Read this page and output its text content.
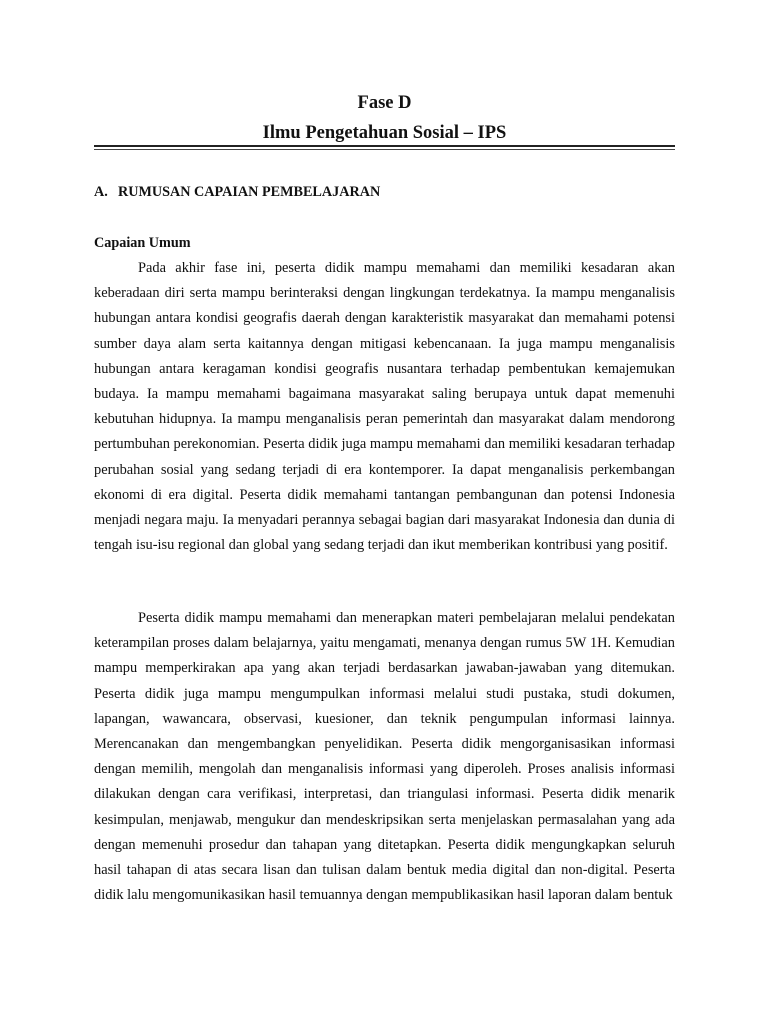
Fase D
Ilmu Pengetahuan Sosial – IPS
A. RUMUSAN CAPAIAN PEMBELAJARAN
Capaian Umum

Pada akhir fase ini, peserta didik mampu memahami dan memiliki kesadaran akan keberadaan diri serta mampu berinteraksi dengan lingkungan terdekatnya. Ia mampu menganalisis hubungan antara kondisi geografis daerah dengan karakteristik masyarakat dan memahami potensi sumber daya alam serta kaitannya dengan mitigasi kebencanaan. Ia juga mampu menganalisis hubungan antara keragaman kondisi geografis nusantara terhadap pembentukan kemajemukan budaya. Ia mampu memahami bagaimana masyarakat saling berupaya untuk dapat memenuhi kebutuhan hidupnya. Ia mampu menganalisis peran pemerintah dan masyarakat dalam mendorong pertumbuhan perekonomian. Peserta didik juga mampu memahami dan memiliki kesadaran terhadap perubahan sosial yang sedang terjadi di era kontemporer. Ia dapat menganalisis perkembangan ekonomi di era digital. Peserta didik memahami tantangan pembangunan dan potensi Indonesia menjadi negara maju. Ia menyadari perannya sebagai bagian dari masyarakat Indonesia dan dunia di tengah isu-isu regional dan global yang sedang terjadi dan ikut memberikan kontribusi yang positif.

Peserta didik mampu memahami dan menerapkan materi pembelajaran melalui pendekatan keterampilan proses dalam belajarnya, yaitu mengamati, menanya dengan rumus 5W 1H. Kemudian mampu memperkirakan apa yang akan terjadi berdasarkan jawaban-jawaban yang ditemukan. Peserta didik juga mampu mengumpulkan informasi melalui studi pustaka, studi dokumen, lapangan, wawancara, observasi, kuesioner, dan teknik pengumpulan informasi lainnya. Merencanakan dan mengembangkan penyelidikan. Peserta didik mengorganisasikan informasi dengan memilih, mengolah dan menganalisis informasi yang diperoleh. Proses analisis informasi dilakukan dengan cara verifikasi, interpretasi, dan triangulasi informasi. Peserta didik menarik kesimpulan, menjawab, mengukur dan mendeskripsikan serta menjelaskan permasalahan yang ada dengan memenuhi prosedur dan tahapan yang ditetapkan. Peserta didik mengungkapkan seluruh hasil tahapan di atas secara lisan dan tulisan dalam bentuk media digital dan non-digital. Peserta didik lalu mengomunikasikan hasil temuannya dengan mempublikasikan hasil laporan dalam bentuk
